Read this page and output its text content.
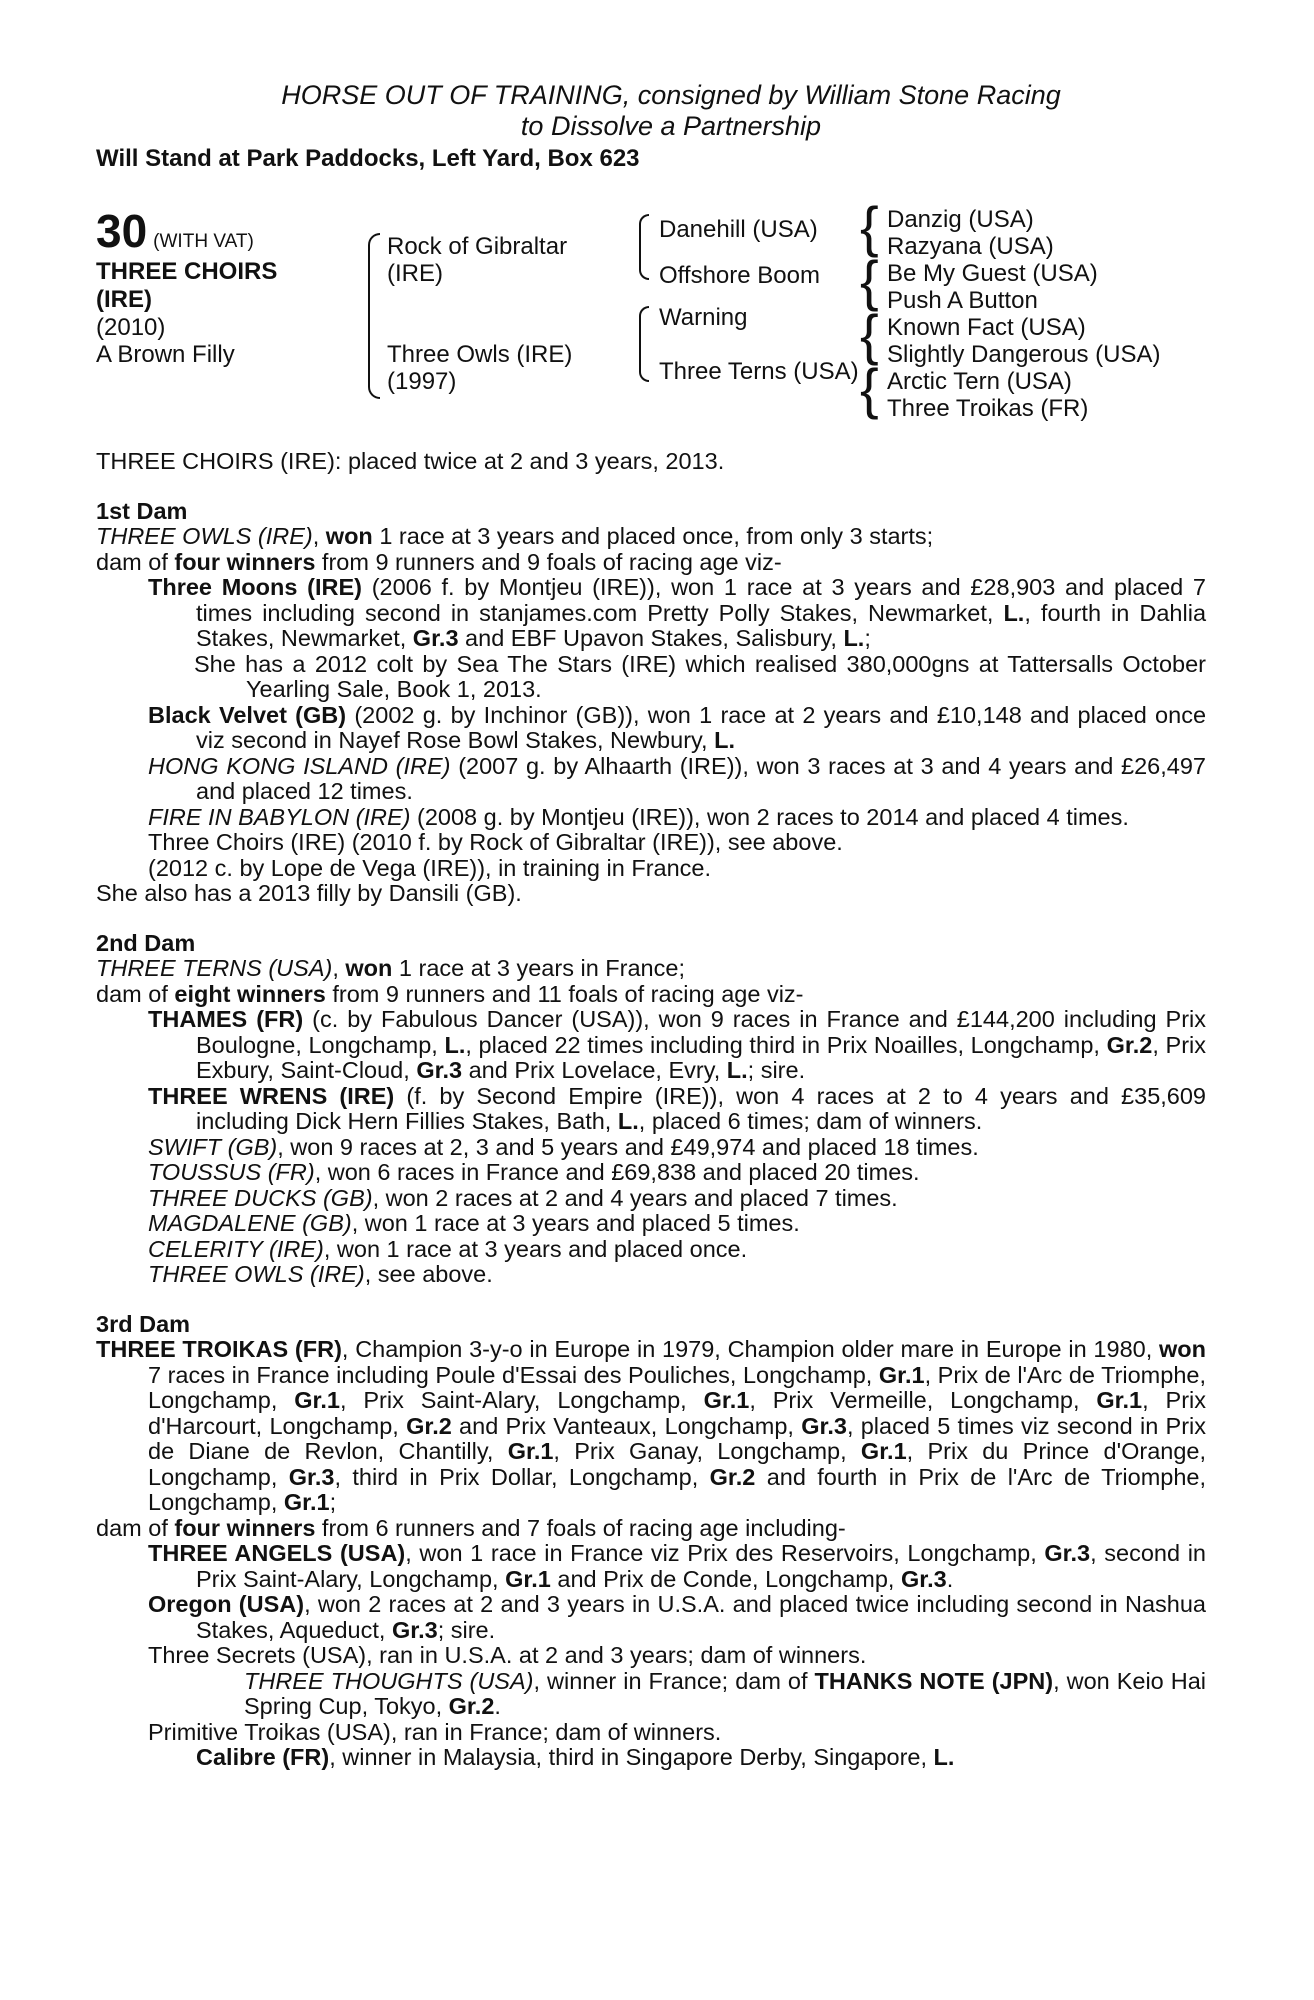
HORSE OUT OF TRAINING, consigned by William Stone Racing
to Dissolve a Partnership
Will Stand at Park Paddocks, Left Yard, Box 623
30 (WITH VAT)
THREE CHOIRS
(IRE)
(2010)
A Brown Filly
Rock of Gibraltar
(IRE)
Three Owls (IRE)
(1997)
Danehill (USA)
Offshore Boom
Warning
Three Terns (USA)
{ Danzig (USA)
Razyana (USA)
{ Be My Guest (USA)
Push A Button
{ Known Fact (USA)
Slightly Dangerous (USA)
{ Arctic Tern (USA)
Three Troikas (FR)

THREE CHOIRS (IRE): placed twice at 2 and 3 years, 2013.

1st Dam

THREE OWLS (IRE), won 1 race at 3 years and placed once, from only 3 starts;

dam of four winners from 9 runners and 9 foals of racing age viz-

Three Moons (IRE) (2006 f. by Montjeu (IRE)), won 1 race at 3 years and £28,903 and placed 7 times including second in stanjames.com Pretty Polly Stakes, Newmarket, L., fourth in Dahlia Stakes, Newmarket, Gr.3 and EBF Upavon Stakes, Salisbury, L.;

She has a 2012 colt by Sea The Stars (IRE) which realised 380,000gns at Tattersalls October Yearling Sale, Book 1, 2013.

Black Velvet (GB) (2002 g. by Inchinor (GB)), won 1 race at 2 years and £10,148 and placed once viz second in Nayef Rose Bowl Stakes, Newbury, L.

HONG KONG ISLAND (IRE) (2007 g. by Alhaarth (IRE)), won 3 races at 3 and 4 years and £26,497 and placed 12 times.

FIRE IN BABYLON (IRE) (2008 g. by Montjeu (IRE)), won 2 races to 2014 and placed 4 times.

Three Choirs (IRE) (2010 f. by Rock of Gibraltar (IRE)), see above.

(2012 c. by Lope de Vega (IRE)), in training in France.

She also has a 2013 filly by Dansili (GB).

2nd Dam

THREE TERNS (USA), won 1 race at 3 years in France;

dam of eight winners from 9 runners and 11 foals of racing age viz-

THAMES (FR) (c. by Fabulous Dancer (USA)), won 9 races in France and £144,200 including Prix Boulogne, Longchamp, L., placed 22 times including third in Prix Noailles, Longchamp, Gr.2, Prix Exbury, Saint-Cloud, Gr.3 and Prix Lovelace, Evry, L.; sire.

THREE WRENS (IRE) (f. by Second Empire (IRE)), won 4 races at 2 to 4 years and £35,609 including Dick Hern Fillies Stakes, Bath, L., placed 6 times; dam of winners.

SWIFT (GB), won 9 races at 2, 3 and 5 years and £49,974 and placed 18 times.

TOUSSUS (FR), won 6 races in France and £69,838 and placed 20 times.

THREE DUCKS (GB), won 2 races at 2 and 4 years and placed 7 times.

MAGDALENE (GB), won 1 race at 3 years and placed 5 times.

CELERITY (IRE), won 1 race at 3 years and placed once.

THREE OWLS (IRE), see above.

3rd Dam

THREE TROIKAS (FR), Champion 3-y-o in Europe in 1979, Champion older mare in Europe in 1980, won 7 races in France including Poule d'Essai des Pouliches, Longchamp, Gr.1, Prix de l'Arc de Triomphe, Longchamp, Gr.1, Prix Saint-Alary, Longchamp, Gr.1, Prix Vermeille, Longchamp, Gr.1, Prix d'Harcourt, Longchamp, Gr.2 and Prix Vanteaux, Longchamp, Gr.3, placed 5 times viz second in Prix de Diane de Revlon, Chantilly, Gr.1, Prix Ganay, Longchamp, Gr.1, Prix du Prince d'Orange, Longchamp, Gr.3, third in Prix Dollar, Longchamp, Gr.2 and fourth in Prix de l'Arc de Triomphe, Longchamp, Gr.1;

dam of four winners from 6 runners and 7 foals of racing age including-

THREE ANGELS (USA), won 1 race in France viz Prix des Reservoirs, Longchamp, Gr.3, second in Prix Saint-Alary, Longchamp, Gr.1 and Prix de Conde, Longchamp, Gr.3.

Oregon (USA), won 2 races at 2 and 3 years in U.S.A. and placed twice including second in Nashua Stakes, Aqueduct, Gr.3; sire.

Three Secrets (USA), ran in U.S.A. at 2 and 3 years; dam of winners.

THREE THOUGHTS (USA), winner in France; dam of THANKS NOTE (JPN), won Keio Hai Spring Cup, Tokyo, Gr.2.

Primitive Troikas (USA), ran in France; dam of winners.

Calibre (FR), winner in Malaysia, third in Singapore Derby, Singapore, L.
